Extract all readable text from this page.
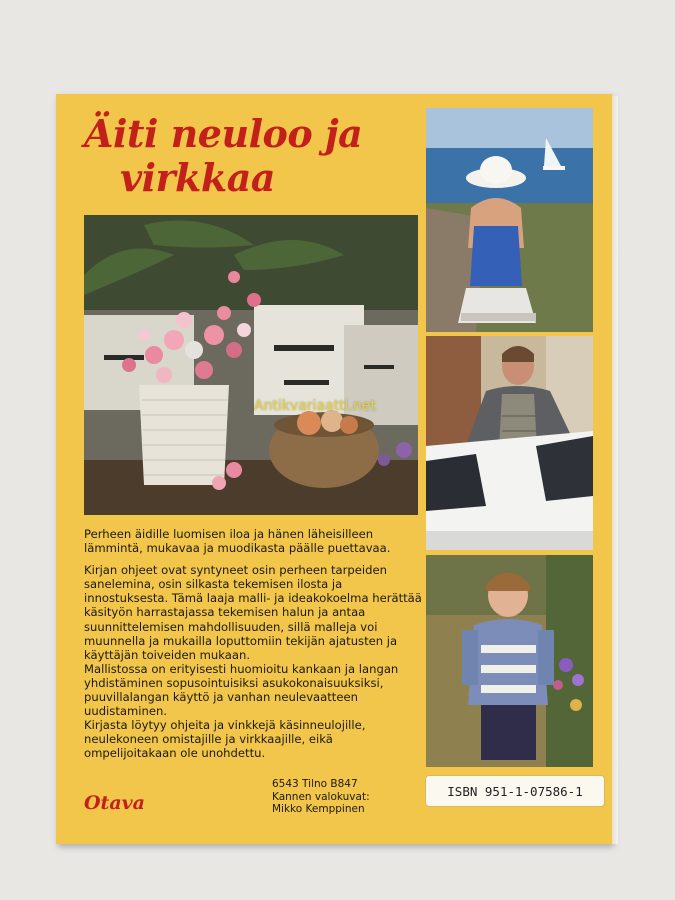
Äiti neuloo ja
virkkaa
Antikvariaatti.net

Perheen äidille luomisen iloa ja hänen läheisilleen lämmintä, mukavaa ja muodikasta päälle puettavaa.

Kirjan ohjeet ovat syntyneet osin perheen tarpeiden sanelemina, osin silkasta tekemisen ilosta ja innostuksesta. Tämä laaja malli- ja ideakokoelma herättää käsityön harrastajassa tekemisen halun ja antaa suunnittelemisen mahdollisuuden, sillä malleja voi muunnella ja mukailla loputtomiin tekijän ajatusten ja käyttäjän toiveiden mukaan.

Mallistossa on erityisesti huomioitu kankaan ja langan yhdistäminen sopusointuisiksi asukokonaisuuksiksi, puuvillalangan käyttö ja vanhan neulevaatteen uudistaminen.

Kirjasta löytyy ohjeita ja vinkkejä käsinneulojille, neulekoneen omistajille ja virkkaajille, eikä ompelijoitakaan ole unohdettu.

Otava
6543 Tilno B847
Kannen valokuvat:
Mikko Kemppinen
ISBN 951-1-07586-1
